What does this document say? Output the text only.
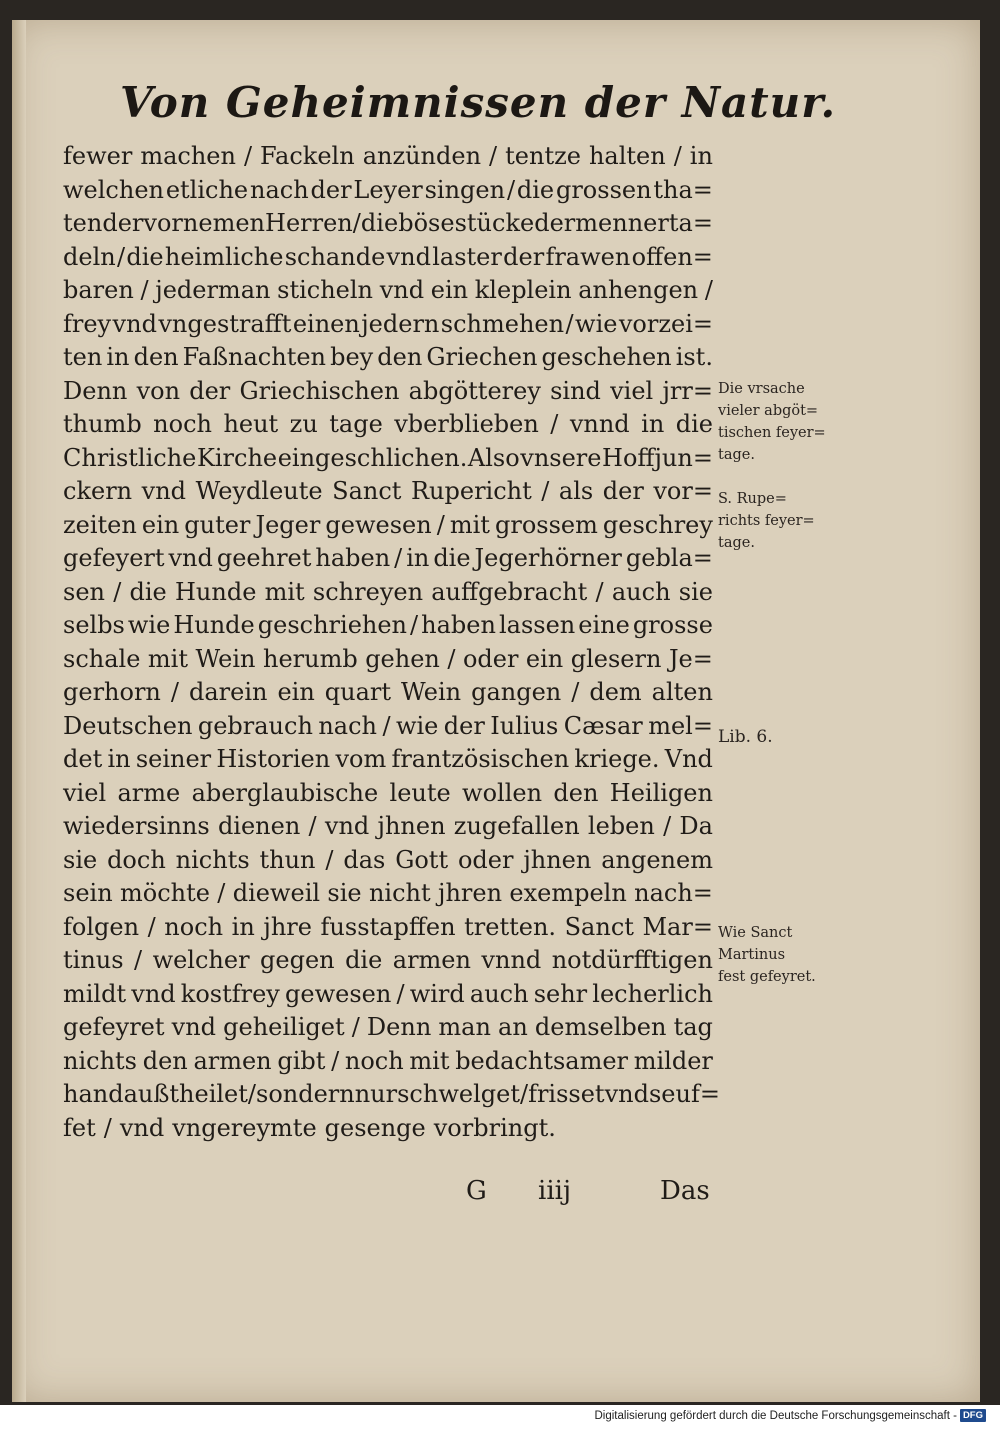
Von Geheimnissen der Natur.
fewer machen / Fackeln anzünden / tentze halten / in
welchen etliche nach der Leyer singen / die grossen tha=
ten der vornemen Herren / die böse stücke der menner ta=
deln / die heimliche schande vnd laster der frawen offen=
baren / jederman sticheln vnd ein kleplein anhengen /
frey vnd vngestrafft einen jedern schmehen / wie vorzei=
ten in den Faßnachten bey den Griechen geschehen ist.
Denn von der Griechischen abgötterey sind viel jrr=
thumb noch heut zu tage vberblieben / vnnd in die
Christliche Kirche eingeschlichen. Also vnsere Hoffjun=
ckern vnd Weydleute Sanct Rupericht / als der vor=
zeiten ein guter Jeger gewesen / mit grossem geschrey
gefeyert vnd geehret haben / in die Jegerhörner gebla=
sen / die Hunde mit schreyen auffgebracht / auch sie
selbs wie Hunde geschriehen / haben lassen eine grosse
schale mit Wein herumb gehen / oder ein glesern Je=
gerhorn / darein ein quart Wein gangen / dem alten
Deutschen gebrauch nach / wie der Iulius Cæsar mel=
det in seiner Historien vom frantzösischen kriege. Vnd
viel arme aberglaubische leute wollen den Heiligen
wiedersinns dienen / vnd jhnen zugefallen leben / Da
sie doch nichts thun / das Gott oder jhnen angenem
sein möchte / dieweil sie nicht jhren exempeln nach=
folgen / noch in jhre fusstapffen tretten. Sanct Mar=
tinus / welcher gegen die armen vnnd notdürfftigen
mildt vnd kostfrey gewesen / wird auch sehr lecherlich
gefeyret vnd geheiliget / Denn man an demselben tag
nichts den armen gibt / noch mit bedachtsamer milder
hand außtheilet / sondern nur schwelget / frisset vnd seuf=
fet / vnd vngereymte gesenge vorbringt.
Die vrsache
vieler abgöt=
tischen feyer=
tage.
S. Rupe=
richts feyer=
tage.
Lib. 6.
Wie Sanct
Martinus
fest gefeyret.
G iiij	Das
Digitalisierung gefördert durch die Deutsche Forschungsgemeinschaft - DFG
